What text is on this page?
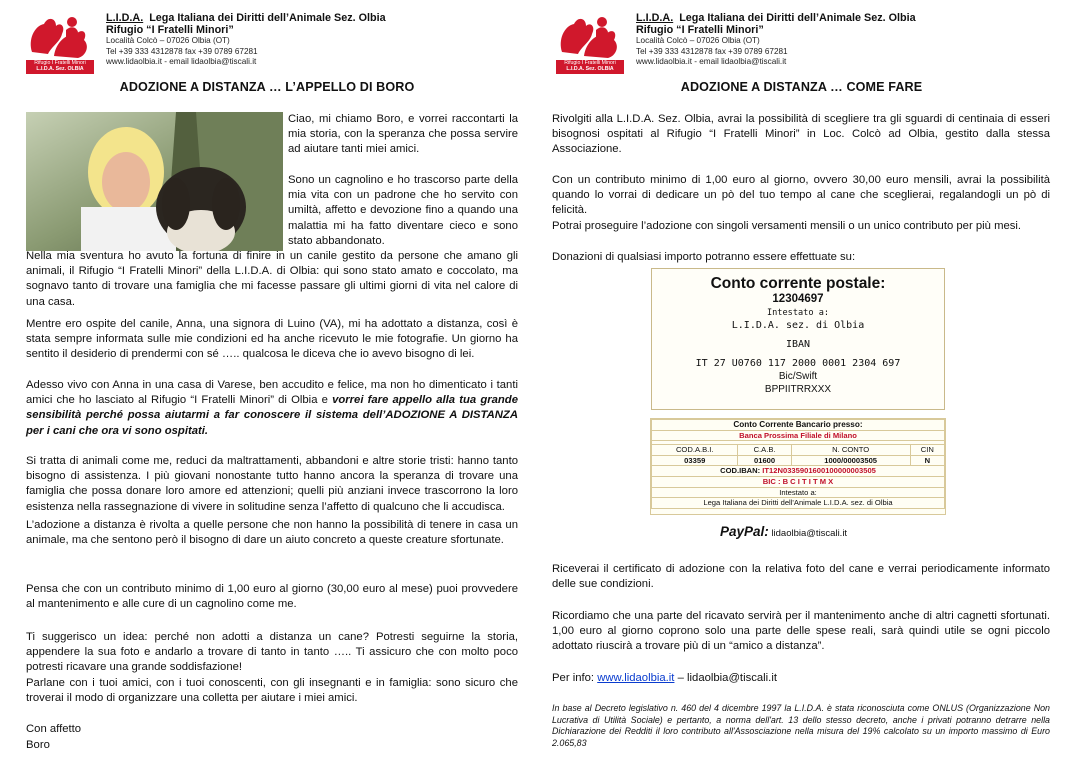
L.I.D.A. Lega Italiana dei Diritti dell’Animale Sez. Olbia
Rifugio “I Fratelli Minori”
Località Colcò – 07026 Olbia (OT)
Tel +39 333 4312878 fax +39 0789 67281
www.lidaolbia.it - email lidaolbia@tiscali.it
Rifugio I Fratelli Minori
L.I.D.A. Sez. OLBIA
ADOZIONE A DISTANZA … L’APPELLO DI BORO
Ciao, mi chiamo Boro, e vorrei raccontarti la mia storia, con la speranza che possa servire ad aiutare tanti miei amici.
Sono un cagnolino e ho trascorso parte della mia vita con un padrone che ho servito con umiltà, affetto e devozione fino a quando una malattia mi ha fatto diventare cieco e sono stato abbandonato.
Nella mia sventura ho avuto la fortuna di finire in un canile gestito da persone che amano gli animali, il Rifugio “I Fratelli Minori” della L.I.D.A. di Olbia: qui sono stato amato e coccolato, ma sognavo tanto di trovare una famiglia che mi facesse passare gli ultimi giorni di vita nel calore di una casa.
Mentre ero ospite del canile, Anna, una signora di Luino (VA), mi ha adottato a distanza, così è stata sempre informata sulle mie condizioni ed ha anche ricevuto le mie fotografie. Un giorno ha sentito il desiderio di prendermi con sé ….. qualcosa le diceva che io avevo bisogno di lei.
Adesso vivo con Anna in una casa di Varese, ben accudito e felice, ma non ho dimenticato i tanti amici che ho lasciato al Rifugio “I Fratelli Minori” di Olbia e vorrei fare appello alla tua grande sensibilità perché possa aiutarmi a far conoscere il sistema dell’ADOZIONE A DISTANZA per i cani che ora vi sono ospitati.
Si tratta di animali come me, reduci da maltrattamenti, abbandoni e altre storie tristi: hanno tanto bisogno di assistenza. I più giovani nonostante tutto hanno ancora la speranza di trovare una famiglia che possa donare loro amore ed attenzioni; quelli più anziani invece trascorrono la loro esistenza nella rassegnazione di vivere in solitudine senza l’affetto di qualcuno che li accudisca.
L’adozione a distanza è rivolta a quelle persone che non hanno la possibilità di tenere in casa un animale, ma che sentono però il bisogno di dare un aiuto concreto a queste creature sfortunate.
Pensa che con un contributo minimo di 1,00 euro al giorno (30,00 euro al mese) puoi provvedere al mantenimento e alle cure di un cagnolino come me.
Ti suggerisco un idea: perché non adotti a distanza un cane? Potresti seguirne la storia, appendere la sua foto e andarlo a trovare di tanto in tanto ….. Ti assicuro che con molto poco potresti ricavare una grande soddisfazione!
Parlane con i tuoi amici, con i tuoi conoscenti, con gli insegnanti e in famiglia: sono sicuro che troverai il modo di organizzare una colletta per aiutare i miei amici.
Con affetto
Boro
L.I.D.A. Lega Italiana dei Diritti dell’Animale Sez. Olbia
Rifugio “I Fratelli Minori”
Località Colcò – 07026 Olbia (OT)
Tel +39 333 4312878 fax +39 0789 67281
www.lidaolbia.it - email lidaolbia@tiscali.it
Rifugio I Fratelli Minori
L.I.D.A. Sez. OLBIA
ADOZIONE A DISTANZA … COME FARE
Rivolgiti alla L.I.D.A. Sez. Olbia, avrai la possibilità di scegliere tra gli sguardi di centinaia di esseri bisognosi ospitati al Rifugio “I Fratelli Minori” in Loc. Colcò ad Olbia, gestito dalla stessa Associazione.
Con un contributo minimo di 1,00 euro al giorno, ovvero 30,00 euro mensili, avrai la possibilità quando lo vorrai di dedicare un pò del tuo tempo al cane che sceglierai, regalandogli un pò di felicità.
Potrai proseguire l’adozione con singoli versamenti mensili o un unico contributo per più mesi.
Donazioni di qualsiasi importo potranno essere effettuate su:
Conto corrente postale:
12304697
Intestato a:
L.I.D.A. sez. di Olbia
IBAN
IT 27 U0760 117 2000 0001 2304 697
Bic/Swift
BPPIITRRXXX
Conto Corrente Bancario presso:			
Banca Prossima Filiale di Milano			

COD.A.B.I.	C.A.B.	N. CONTO	CIN
03359	01600	1000/00003505	N
COD.IBAN: IT12N0335901600100000003505			
BIC : B C I T I T M X			
Intestato a:			
Lega Italiana dei Diritti dell'Animale L.I.D.A. sez. di Olbia			
PayPal: lidaolbia@tiscali.it
Riceverai il certificato di adozione con la relativa foto del cane e verrai periodicamente informato delle sue condizioni.
Ricordiamo che una parte del ricavato servirà per il mantenimento anche di altri cagnetti sfortunati. 1,00 euro al giorno coprono solo una parte delle spese reali, sarà quindi utile se ogni piccolo adottato riuscirà a trovare più di un “amico a distanza”.
Per info: www.lidaolbia.it – lidaolbia@tiscali.it
In base al Decreto legislativo n. 460 del 4 dicembre 1997 la L.I.D.A. è stata riconosciuta come ONLUS (Organizzazione Non Lucrativa di Utilità Sociale) e pertanto, a norma dell'art. 13 dello stesso decreto, anche i privati potranno detrarre nella Dichiarazione dei Redditi il loro contributo all'Assosciazione nella misura del 19% calcolato su un importo massimo di Euro 2.065,83
